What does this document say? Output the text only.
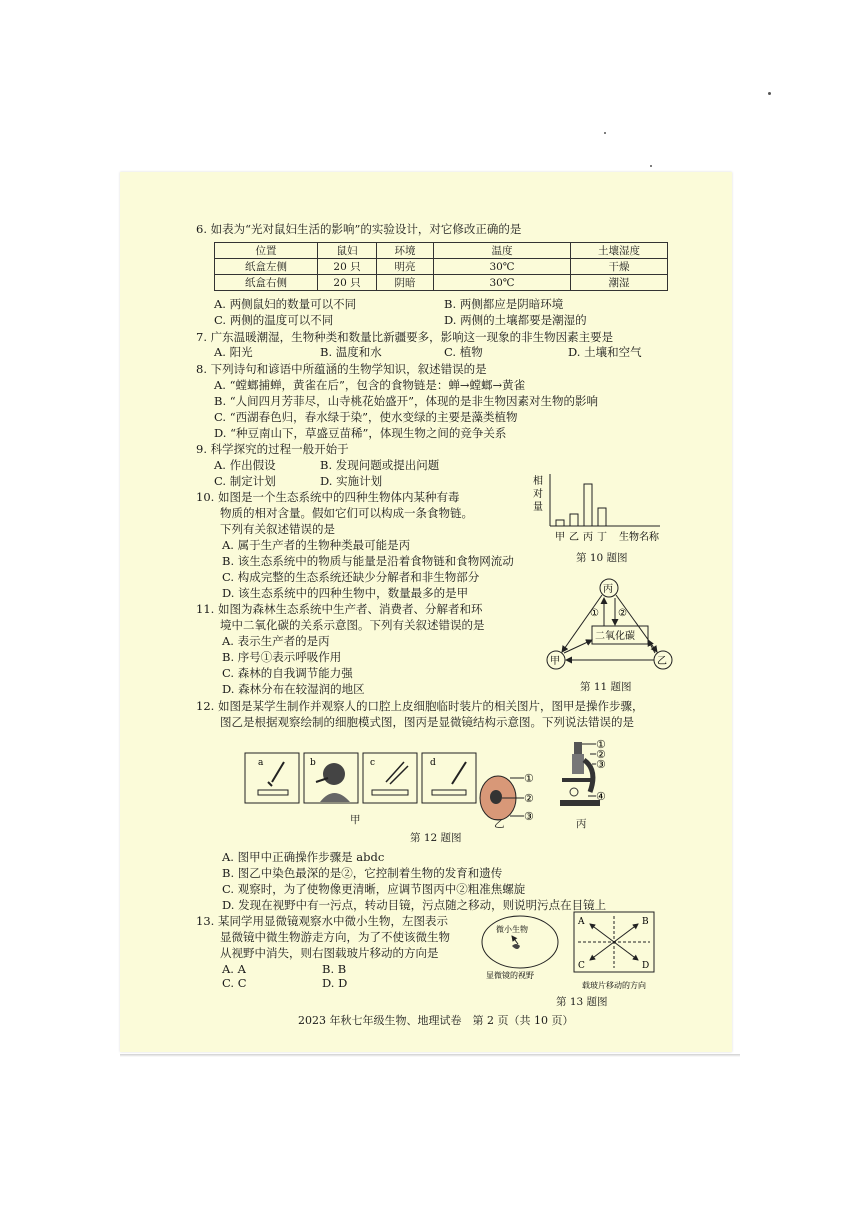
6. 如表为“光对鼠妇生活的影响”的实验设计，对它修改正确的是
位置	鼠妇	环境	温度	土壤湿度
纸盒左侧	20 只	明亮	30℃	干燥
纸盒右侧	20 只	阴暗	30℃	潮湿
A. 两侧鼠妇的数量可以不同	B. 两侧都应是阴暗环境
C. 两侧的温度可以不同	D. 两侧的土壤都要是潮湿的
7. 广东温暖潮湿，生物种类和数量比新疆要多，影响这一现象的非生物因素主要是
A. 阳光	B. 温度和水	C. 植物	D. 土壤和空气
8. 下列诗句和谚语中所蕴涵的生物学知识，叙述错误的是
A. “螳螂捕蝉，黄雀在后”，包含的食物链是：蝉→螳螂→黄雀
B. “人间四月芳菲尽，山寺桃花始盛开”，体现的是非生物因素对生物的影响
C. “西湖春色归，春水绿于染”，使水变绿的主要是藻类植物
D. “种豆南山下，草盛豆苗稀”，体现生物之间的竞争关系
9. 科学探究的过程一般开始于
A. 作出假设	B. 发现问题或提出问题
C. 制定计划	D. 实施计划
10. 如图是一个生态系统中的四种生物体内某种有毒
物质的相对含量。假如它们可以构成一条食物链。
下列有关叙述错误的是
A. 属于生产者的生物种类最可能是丙
B. 该生态系统中的物质与能量是沿着食物链和食物网流动
C. 构成完整的生态系统还缺少分解者和非生物部分
D. 该生态系统中的四种生物中，数量最多的是甲
相
对
量
甲 乙 丙 丁 生物名称
第 10 题图
11. 如图为森林生态系统中生产者、消费者、分解者和环
境中二氧化碳的关系示意图。下列有关叙述错误的是
A. 表示生产者的是丙
B. 序号①表示呼吸作用
C. 森林的自我调节能力强
D. 森林分布在较湿润的地区
丙
甲	乙
二氧化碳
① ②
第 11 题图
12. 如图是某学生制作并观察人的口腔上皮细胞临时装片的相关图片，图甲是操作步骤，
图乙是根据观察绘制的细胞模式图，图丙是显微镜结构示意图。下列说法错误的是
a	b	c	d
①
②
③
①
②
③
④
甲	乙	丙
第 12 题图
A. 图甲中正确操作步骤是 abdc
B. 图乙中染色最深的是②，它控制着生物的发育和遗传
C. 观察时，为了使物像更清晰，应调节图丙中②粗准焦螺旋
D. 发现在视野中有一污点，转动目镜，污点随之移动，则说明污点在目镜上
13. 某同学用显微镜观察水中微小生物，左图表示
显微镜中微生物游走方向，为了不使该微生物
从视野中消失，则右图载玻片移动的方向是
A. A	B. B
C. C	D. D
微小生物
显微镜的视野
A	B
C	D
载玻片移动的方向
第 13 题图
2023 年秋七年级生物、地理试卷　第 2 页（共 10 页）
